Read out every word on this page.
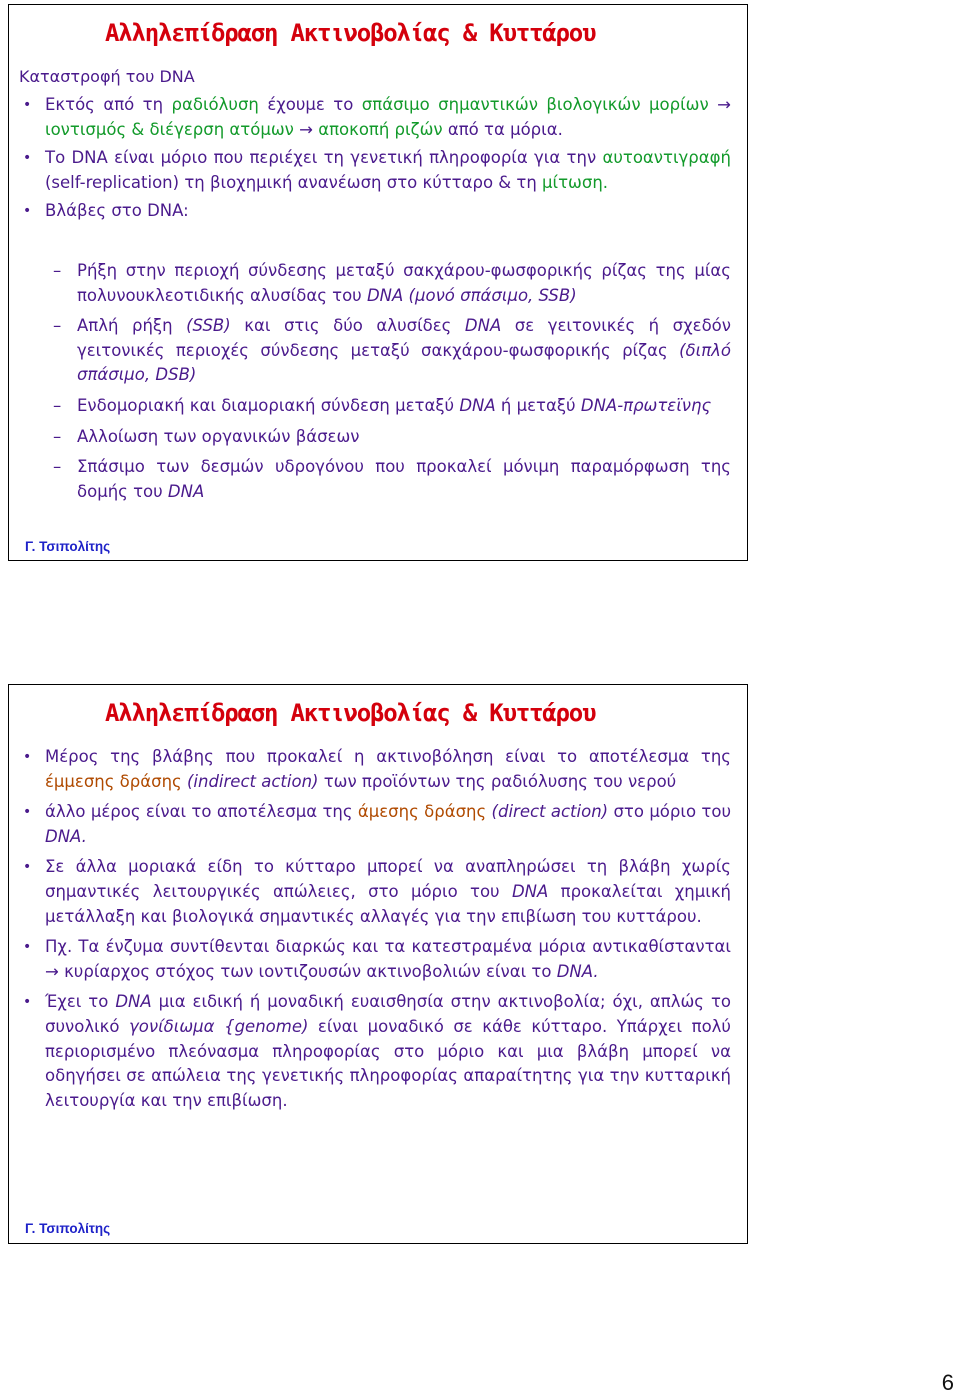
Αλληλεπίδραση Ακτινοβολίας & Κυττάρου
Καταστροφή του DNA
• Εκτός από τη ραδιόλυση έχουμε το σπάσιμο σημαντικών βιολογικών μορίων → ιοντισμός & διέγερση ατόμων → αποκοπή ριζών από τα μόρια.
• Το DNA είναι μόριο που περιέχει τη γενετική πληροφορία για την αυτοαντιγραφή (self-replication) τη βιοχημική ανανέωση στο κύτταρο & τη μίτωση.
• Βλάβες στο DNA:
– Ρήξη στην περιοχή σύνδεσης μεταξύ σακχάρου-φωσφορικής ρίζας της μίας πολυνουκλεοτιδικής αλυσίδας του DNA (μονό σπάσιμο, SSB)
– Απλή ρήξη (SSB) και στις δύο αλυσίδες DNA σε γειτονικές ή σχεδόν γειτονικές περιοχές σύνδεσης μεταξύ σακχάρου-φωσφορικής ρίζας (διπλό σπάσιμο, DSB)
– Ενδομοριακή και διαμοριακή σύνδεση μεταξύ DNA ή μεταξύ DNA-πρωτεϊνης
– Αλλοίωση των οργανικών βάσεων
– Σπάσιμο των δεσμών υδρογόνου που προκαλεί μόνιμη παραμόρφωση της δομής του DNA
Γ. Τσιπολίτης
Αλληλεπίδραση Ακτινοβολίας & Κυττάρου
• Μέρος της βλάβης που προκαλεί η ακτινοβόληση είναι το αποτέλεσμα της έμμεσης δράσης (indirect action) των προϊόντων της ραδιόλυσης του νερού
• άλλο μέρος είναι το αποτέλεσμα της άμεσης δράσης (direct action) στο μόριο του DNA.
• Σε άλλα μοριακά είδη το κύτταρο μπορεί να αναπληρώσει τη βλάβη χωρίς σημαντικές λειτουργικές απώλειες, στο μόριο του DNA προκαλείται χημική μετάλλαξη και βιολογικά σημαντικές αλλαγές για την επιβίωση του κυττάρου.
• Πχ. Τα ένζυμα συντίθενται διαρκώς και τα κατεστραμένα μόρια αντικαθίστανται → κυρίαρχος στόχος των ιοντιζουσών ακτινοβολιών είναι το DNA.
• Έχει το DNA μια ειδική ή μοναδική ευαισθησία στην ακτινοβολία; όχι, απλώς το συνολικό γονίδιωμα {genome) είναι μοναδικό σε κάθε κύτταρο. Υπάρχει πολύ περιορισμένο πλεόνασμα πληροφορίας στο μόριο και μια βλάβη μπορεί να οδηγήσει σε απώλεια της γενετικής πληροφορίας απαραίτητης για την κυτταρική λειτουργία και την επιβίωση.
Γ. Τσιπολίτης
6
